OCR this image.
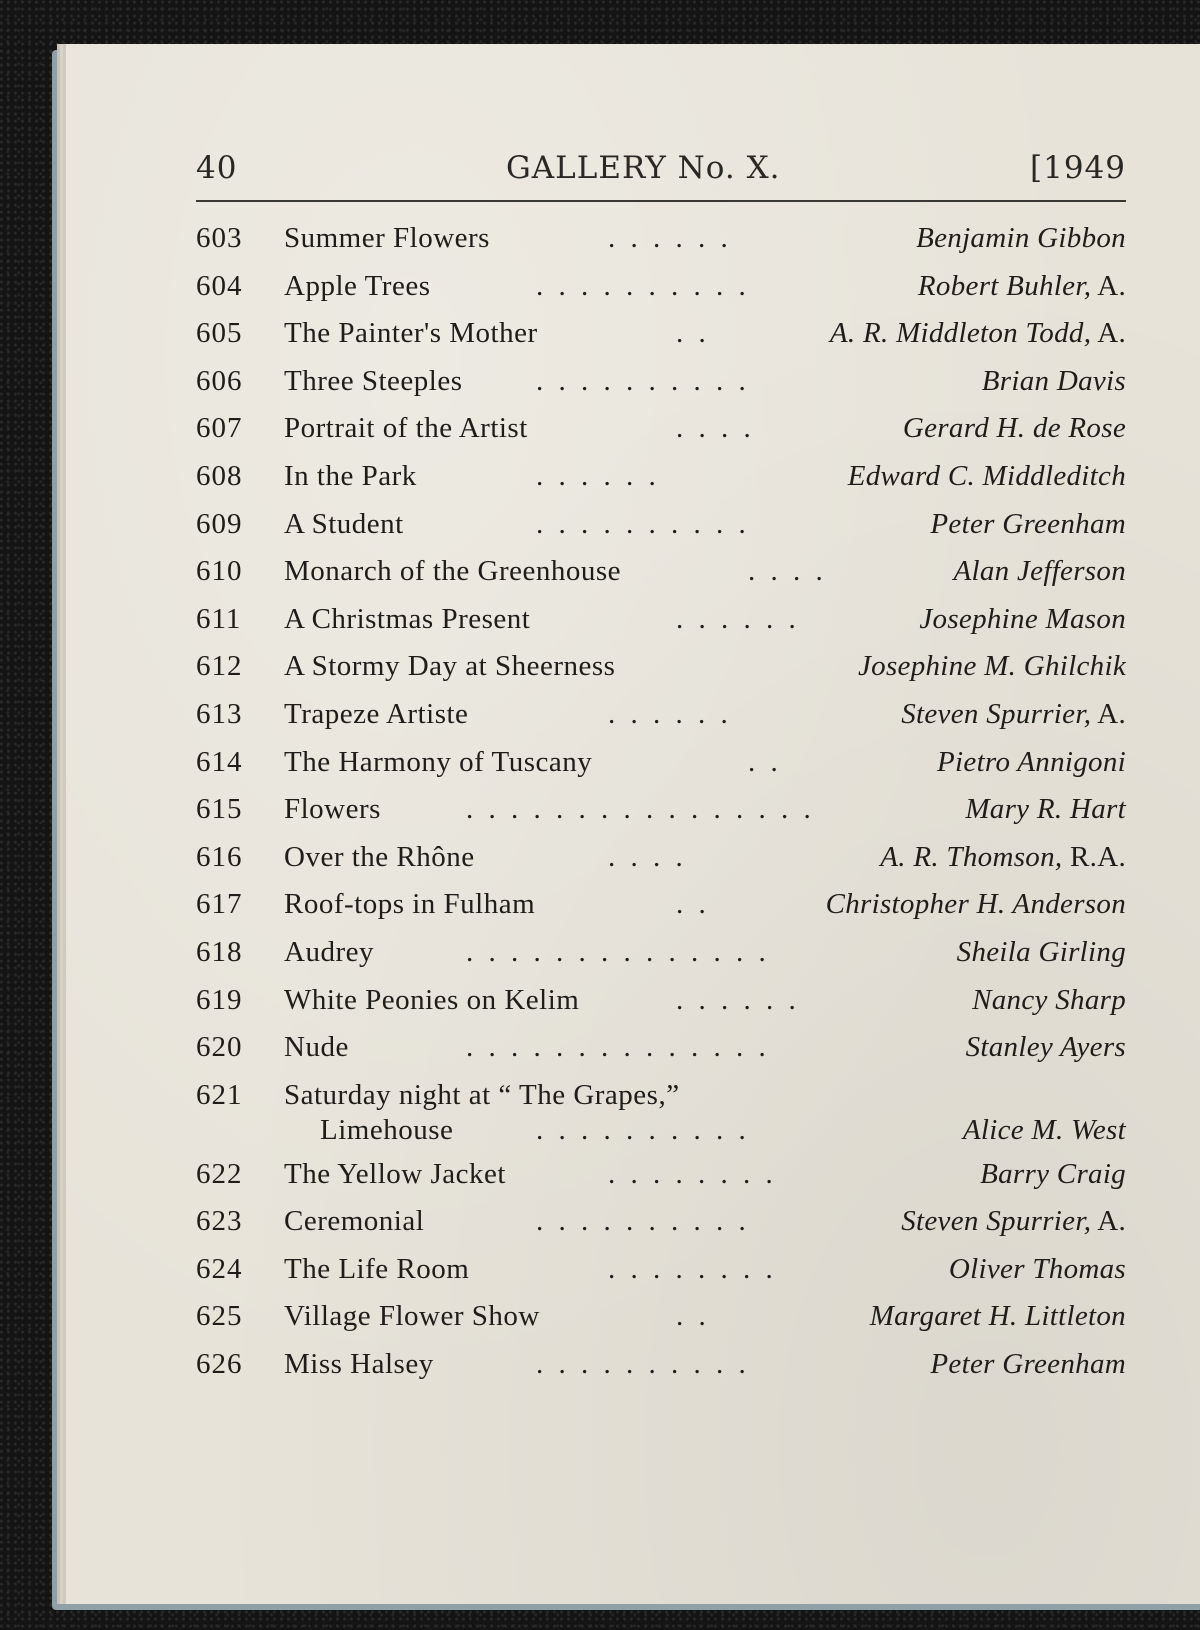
40	GALLERY No. X.	[1949
603 Summer Flowers	. . . . . .	Benjamin Gibbon
604 Apple Trees	. . . . . . . . . .	Robert Buhler, A.
605 The Painter's Mother	. .	A. R. Middleton Todd, A.
606 Three Steeples	. . . . . . . . . .	Brian Davis
607 Portrait of the Artist	. . . .	Gerard H. de Rose
608 In the Park	. . . . . .	Edward C. Middleditch
609 A Student	. . . . . . . . . .	Peter Greenham
610 Monarch of the Greenhouse	. . . .	Alan Jefferson
611 A Christmas Present	. . . . . .	Josephine Mason
612 A Stormy Day at Sheerness	Josephine M. Ghilchik
613 Trapeze Artiste	. . . . . .	Steven Spurrier, A.
614 The Harmony of Tuscany	. .	Pietro Annigoni
615 Flowers	. . . . . . . . . . . . . . . .	Mary R. Hart
616 Over the Rhône	. . . .	A. R. Thomson, R.A.
617 Roof-tops in Fulham	. .	Christopher H. Anderson
618 Audrey	. . . . . . . . . . . . . .	Sheila Girling
619 White Peonies on Kelim	. . . . . .	Nancy Sharp
620 Nude	. . . . . . . . . . . . . .	Stanley Ayers
621 Saturday night at “ The Grapes,”
Limehouse	. . . . . . . . . .	Alice M. West
622 The Yellow Jacket	. . . . . . . .	Barry Craig
623 Ceremonial	. . . . . . . . . .	Steven Spurrier, A.
624 The Life Room	. . . . . . . .	Oliver Thomas
625 Village Flower Show	. .	Margaret H. Littleton
626 Miss Halsey	. . . . . . . . . .	Peter Greenham
